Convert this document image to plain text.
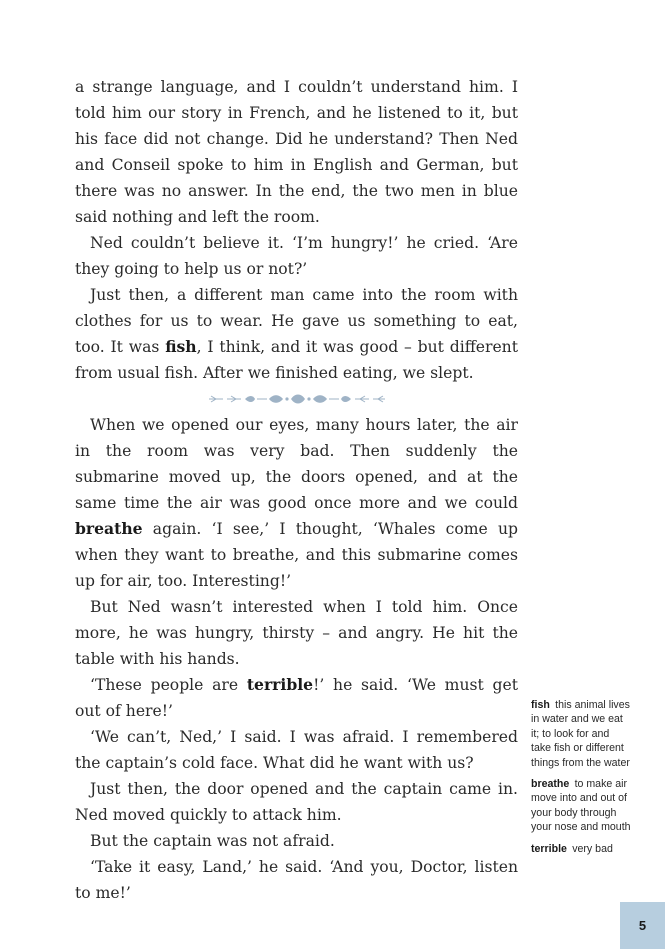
a strange language, and I couldn’t understand him. I told him our story in French, and he listened to it, but his face did not change. Did he understand? Then Ned and Conseil spoke to him in English and German, but there was no answer. In the end, the two men in blue said nothing and left the room.

Ned couldn’t believe it. ‘I’m hungry!’ he cried. ‘Are they going to help us or not?’

Just then, a different man came into the room with clothes for us to wear. He gave us something to eat, too. It was fish, I think, and it was good – but different from usual fish. After we finished eating, we slept.

When we opened our eyes, many hours later, the air in the room was very bad. Then suddenly the submarine moved up, the doors opened, and at the same time the air was good once more and we could breathe again. ‘I see,’ I thought, ‘Whales come up when they want to breathe, and this submarine comes up for air, too. Interesting!’

But Ned wasn’t interested when I told him. Once more, he was hungry, thirsty – and angry. He hit the table with his hands.

‘These people are terrible!’ he said. ‘We must get out of here!’

‘We can’t, Ned,’ I said. I was afraid. I remembered the captain’s cold face. What did he want with us?

Just then, the door opened and the captain came in. Ned moved quickly to attack him.

But the captain was not afraid.

‘Take it easy, Land,’ he said. ‘And you, Doctor, listen to me!’

fish  this animal lives in water and we eat it; to look for and take fish or different things from the water
breathe  to make air move into and out of your body through your nose and mouth
terrible  very bad
5
